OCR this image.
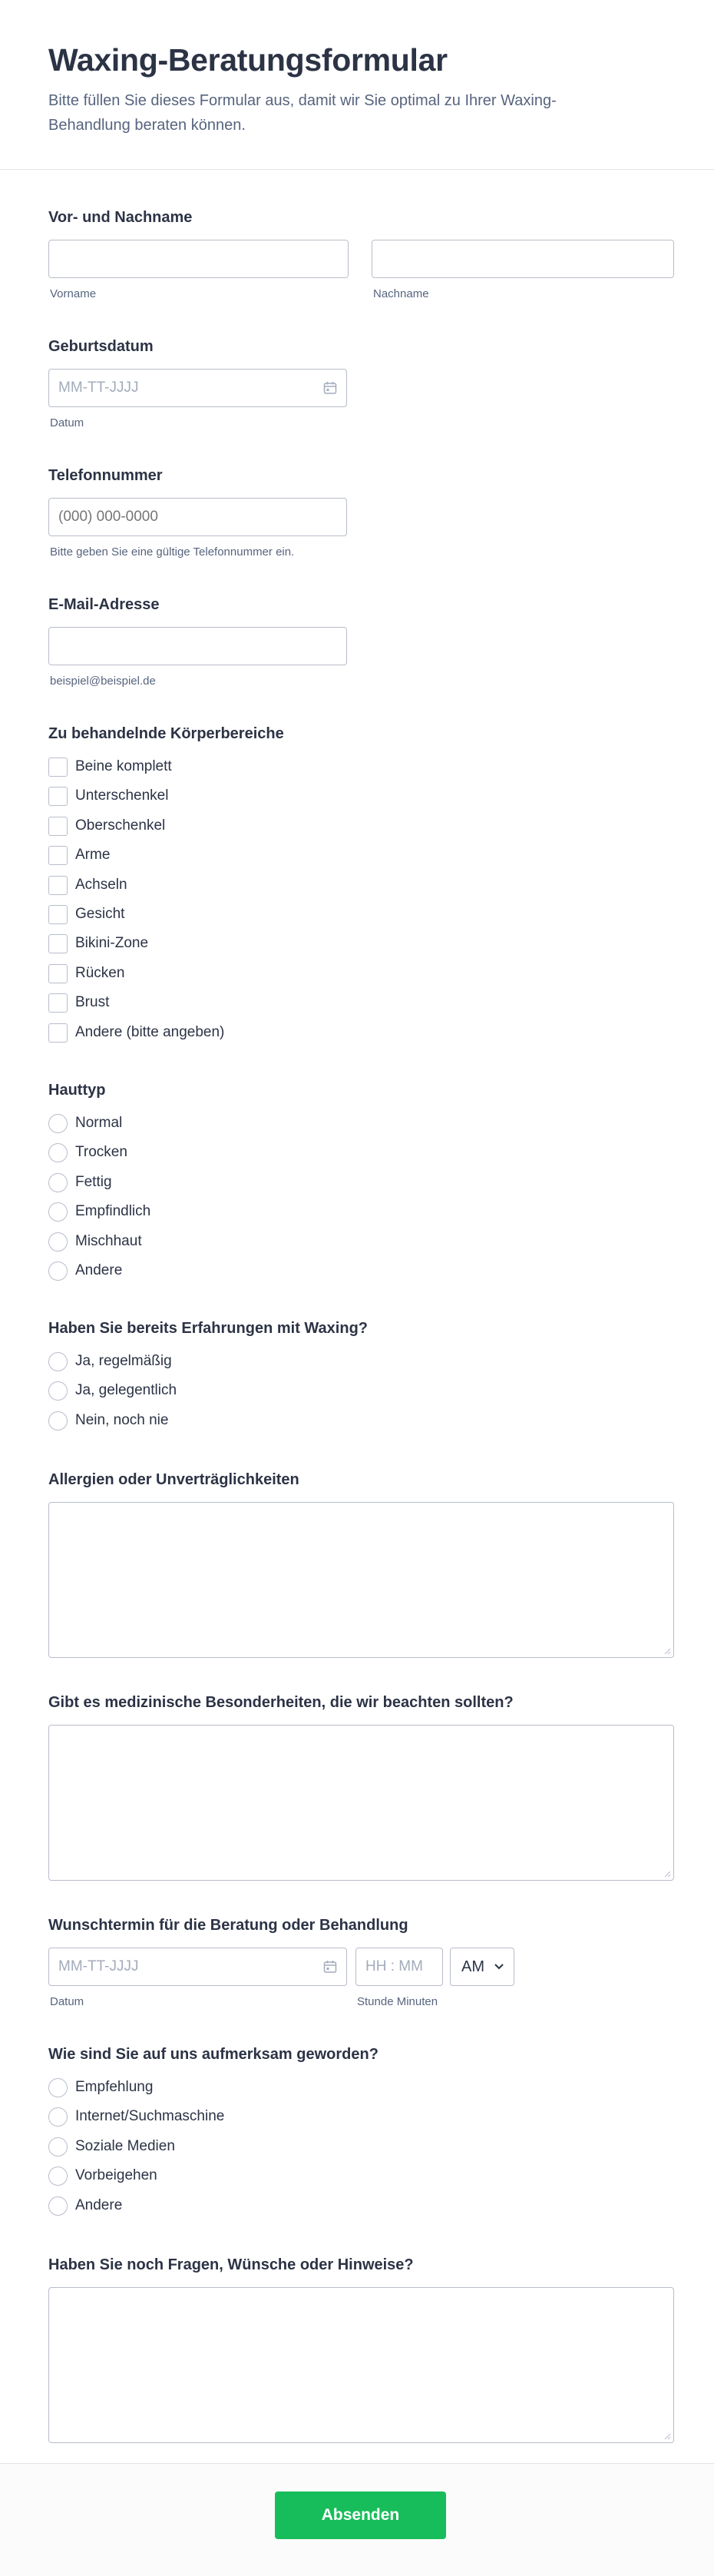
Waxing-Beratungsformular

Bitte füllen Sie dieses Formular aus, damit wir Sie optimal zu Ihrer Waxing-Behandlung beraten können.

Vor- und Nachname
Vorname	Nachname
Geburtsdatum
MM-TT-JJJJ
Datum
Telefonnummer
(000) 000-0000
Bitte geben Sie eine gültige Telefonnummer ein.
E-Mail-Adresse
beispiel@beispiel.de
Zu behandelnde Körperbereiche
Beine komplett
Unterschenkel
Oberschenkel
Arme
Achseln
Gesicht
Bikini-Zone
Rücken
Brust
Andere (bitte angeben)
Hauttyp
Normal
Trocken
Fettig
Empfindlich
Mischhaut
Andere
Haben Sie bereits Erfahrungen mit Waxing?
Ja, regelmäßig
Ja, gelegentlich
Nein, noch nie
Allergien oder Unverträglichkeiten
Gibt es medizinische Besonderheiten, die wir beachten sollten?
Wunschtermin für die Beratung oder Behandlung
MM-TT-JJJJ
Datum
HH : MM
Stunde Minuten
AM
Wie sind Sie auf uns aufmerksam geworden?
Empfehlung
Internet/Suchmaschine
Soziale Medien
Vorbeigehen
Andere
Haben Sie noch Fragen, Wünsche oder Hinweise?
Absenden
